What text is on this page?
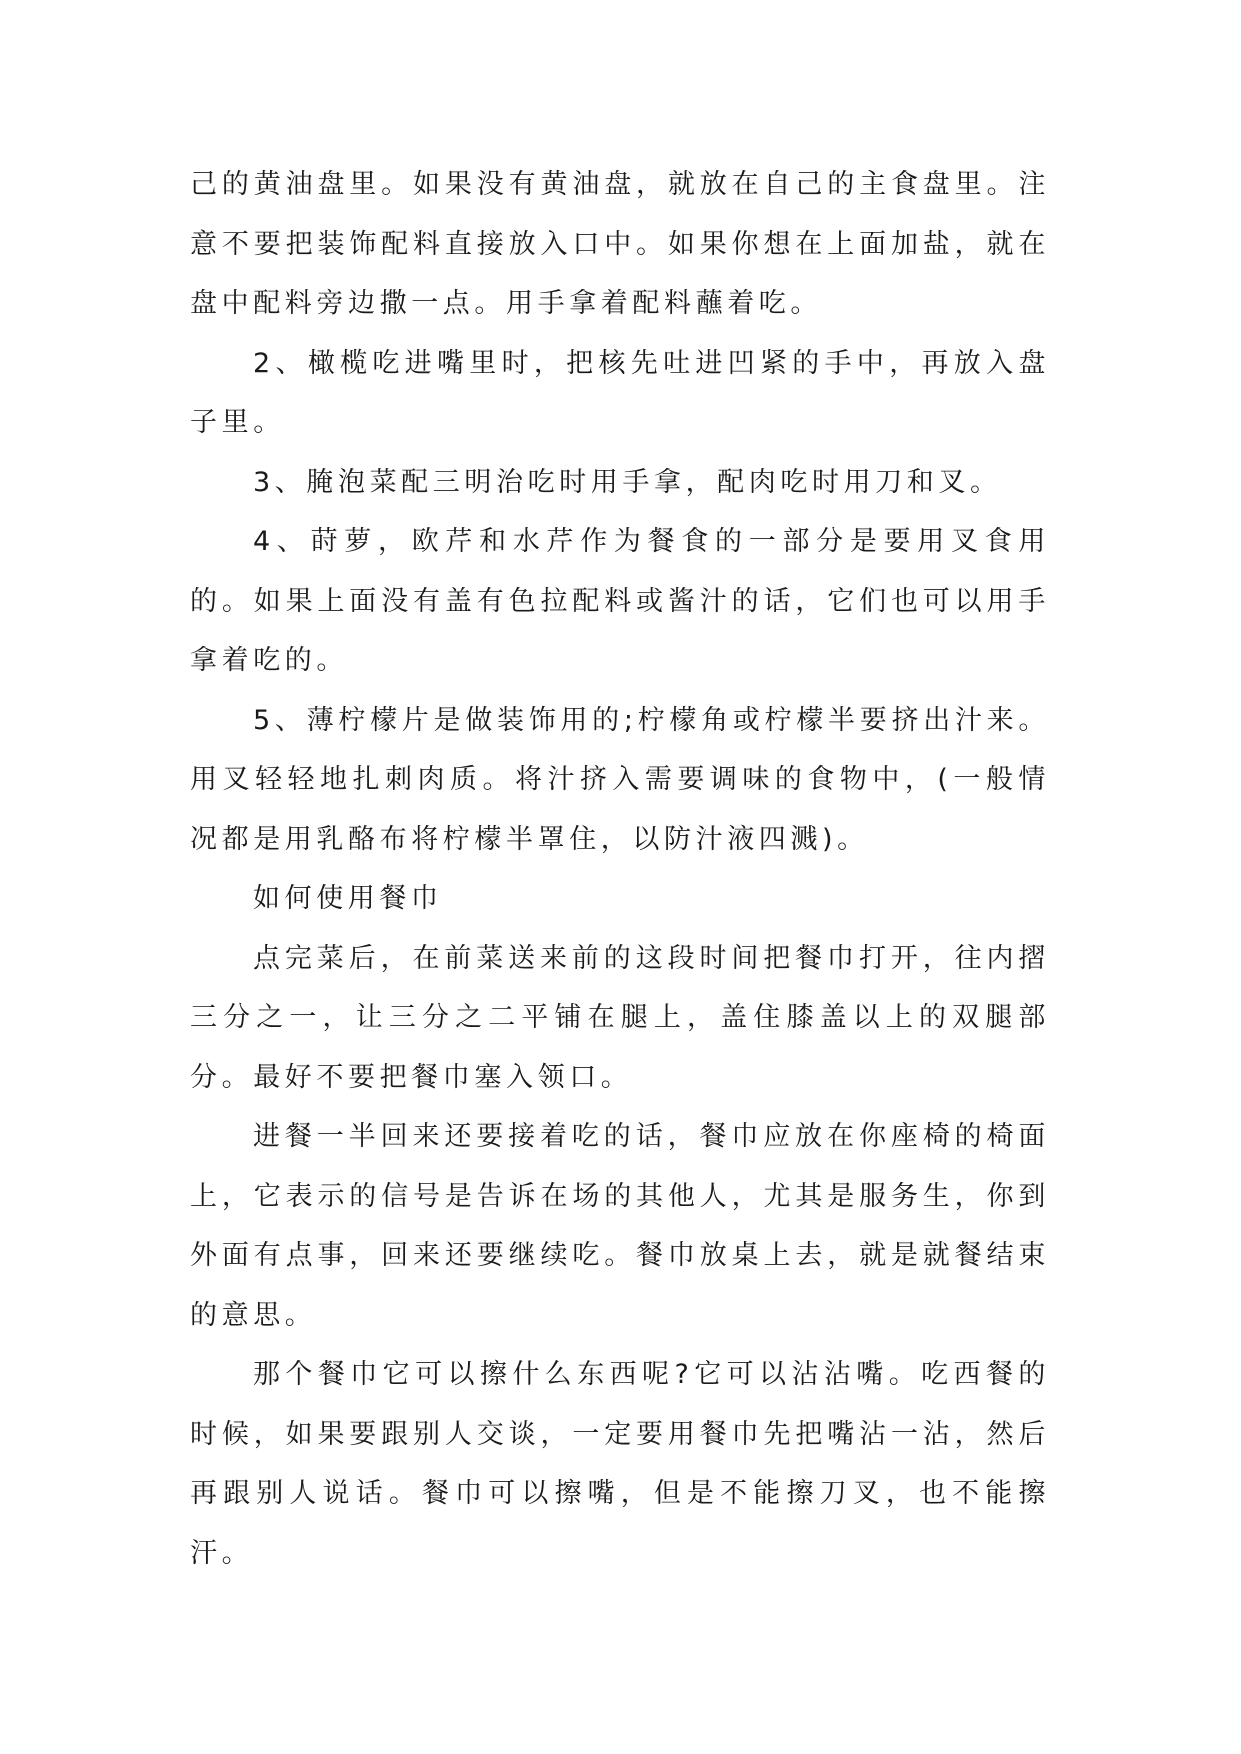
己的黄油盘里。如果没有黄油盘，就放在自己的主食盘里。注意不要把装饰配料直接放入口中。如果你想在上面加盐，就在盘中配料旁边撒一点。用手拿着配料蘸着吃。

2、橄榄吃进嘴里时，把核先吐进凹紧的手中，再放入盘子里。

3、腌泡菜配三明治吃时用手拿，配肉吃时用刀和叉。

4、莳萝，欧芹和水芹作为餐食的一部分是要用叉食用的。如果上面没有盖有色拉配料或酱汁的话，它们也可以用手拿着吃的。

5、薄柠檬片是做装饰用的;柠檬角或柠檬半要挤出汁来。用叉轻轻地扎刺肉质。将汁挤入需要调味的食物中，(一般情况都是用乳酪布将柠檬半罩住，以防汁液四溅)。

如何使用餐巾

点完菜后，在前菜送来前的这段时间把餐巾打开，往内摺三分之一，让三分之二平铺在腿上，盖住膝盖以上的双腿部分。最好不要把餐巾塞入领口。

进餐一半回来还要接着吃的话，餐巾应放在你座椅的椅面上，它表示的信号是告诉在场的其他人，尤其是服务生，你到外面有点事，回来还要继续吃。餐巾放桌上去，就是就餐结束的意思。

那个餐巾它可以擦什么东西呢?它可以沾沾嘴。吃西餐的时候，如果要跟别人交谈，一定要用餐巾先把嘴沾一沾，然后再跟别人说话。餐巾可以擦嘴，但是不能擦刀叉，也不能擦汗。
